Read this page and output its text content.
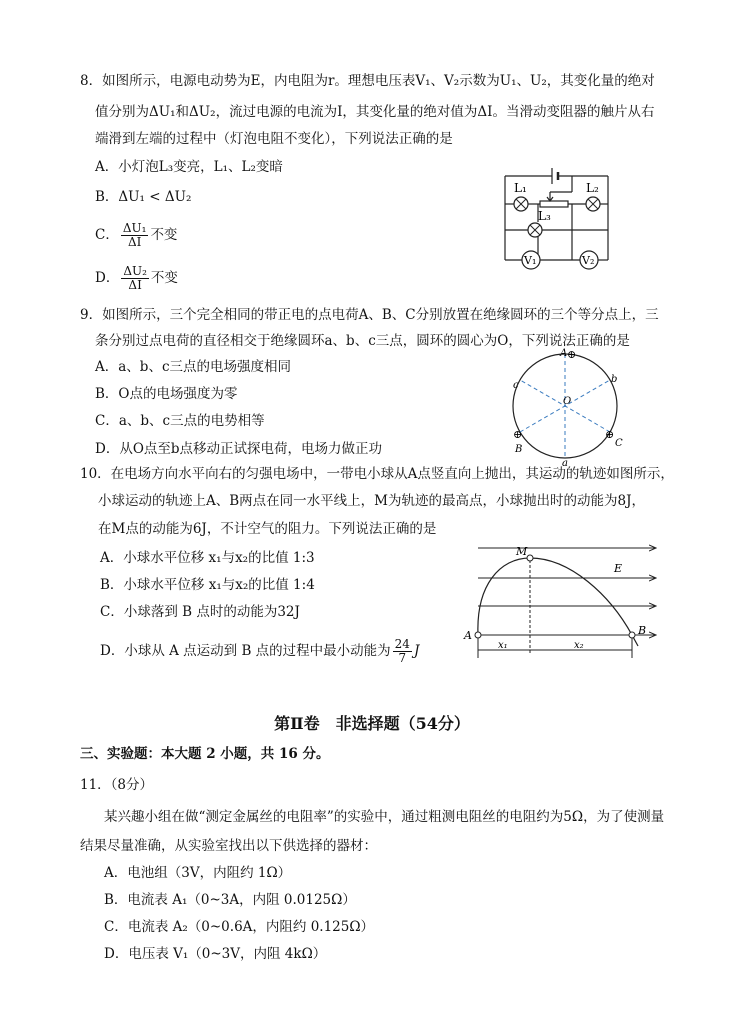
8．如图所示，电源电动势为E，内电阻为r。理想电压表V₁、V₂示数为U₁、U₂，其变化量的绝对
值分别为ΔU₁和ΔU₂，流过电源的电流为I，其变化量的绝对值为ΔI。当滑动变阻器的触片从右
端滑到左端的过程中（灯泡电阻不变化），下列说法正确的是
A．小灯泡L₃变亮，L₁、L₂变暗
B．ΔU₁ < ΔU₂
C． $\frac{\text{ΔU₁}}{\Delta I}$ 不变
D． $\frac{\text{ΔU₂}}{\Delta I}$ 不变
L₁	L₂
L₃
V₁	V₂
9．如图所示，三个完全相同的带正电的点电荷A、B、C分别放置在绝缘圆环的三个等分点上，三
条分别过点电荷的直径相交于绝缘圆环a、b、c三点，圆环的圆心为O，下列说法正确的是
A．a、b、c三点的电场强度相同
B．O点的电场强度为零
C．a、b、c三点的电势相等
D．从O点至b点移动正试探电荷，电场力做正功
A ⊕
⊕
B
⊕
C
a
b
c
O
10．在电场方向水平向右的匀强电场中，一带电小球从A点竖直向上抛出，其运动的轨迹如图所示，
小球运动的轨迹上A、B两点在同一水平线上，M为轨迹的最高点，小球抛出时的动能为8J，
在M点的动能为6J，不计空气的阻力。下列说法正确的是
A．小球水平位移 x₁与x₂的比值 1:3
B．小球水平位移 x₁与x₂的比值 1:4
C．小球落到 B 点时的动能为32J
D．小球从 A 点运动到 B 点的过程中最小动能为 $\frac{24}{7}$ J
M
E
A	B
x₁	x₂
第Ⅱ卷　非选择题（54分）
三、实验题：本大题 2 小题，共 16 分。
11．（8分）
某兴趣小组在做“测定金属丝的电阻率”的实验中，通过粗测电阻丝的电阻约为5Ω，为了使测量
结果尽量准确，从实验室找出以下供选择的器材：
A．电池组（3V，内阻约 1Ω）
B．电流表 A₁（0~3A，内阻 0.0125Ω）
C．电流表 A₂（0~0.6A，内阻约 0.125Ω）
D．电压表 V₁（0~3V，内阻 4kΩ）
